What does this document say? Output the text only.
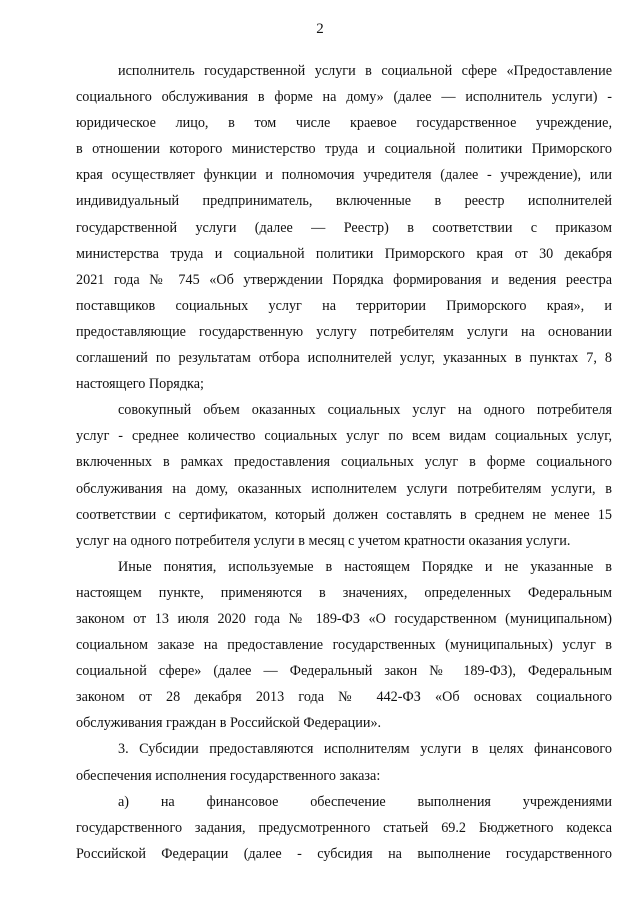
2
исполнитель государственной услуги в социальной сфере «Предоставление
социального обслуживания в форме на дому» (далее — исполнитель услуги) -
юридическое лицо, в том числе краевое государственное учреждение,
в отношении которого министерство труда и социальной политики Приморского
края осуществляет функции и полномочия учредителя (далее - учреждение), или
индивидуальный предприниматель, включенные в реестр исполнителей
государственной услуги (далее — Реестр) в соответствии с приказом
министерства труда и социальной политики Приморского края от 30 декабря
2021 года № 745 «Об утверждении Порядка формирования и ведения реестра
поставщиков социальных услуг на территории Приморского края», и
предоставляющие государственную услугу потребителям услуги на основании
соглашений по результатам отбора исполнителей услуг, указанных в пунктах 7, 8
настоящего Порядка;
совокупный объем оказанных социальных услуг на одного потребителя
услуг - среднее количество социальных услуг по всем видам социальных услуг,
включенных в рамках предоставления социальных услуг в форме социального
обслуживания на дому, оказанных исполнителем услуги потребителям услуги, в
соответствии с сертификатом, который должен составлять в среднем не менее 15
услуг на одного потребителя услуги в месяц с учетом кратности оказания услуги.
Иные понятия, используемые в настоящем Порядке и не указанные в
настоящем пункте, применяются в значениях, определенных Федеральным
законом от 13 июля 2020 года № 189-ФЗ «О государственном (муниципальном)
социальном заказе на предоставление государственных (муниципальных) услуг в
социальной сфере» (далее — Федеральный закон № 189-ФЗ), Федеральным
законом от 28 декабря 2013 года № 442-ФЗ «Об основах социального
обслуживания граждан в Российской Федерации».
3. Субсидии предоставляются исполнителям услуги в целях финансового
обеспечения исполнения государственного заказа:
а) на финансовое обеспечение выполнения учреждениями
государственного задания, предусмотренного статьей 69.2 Бюджетного кодекса
Российской Федерации (далее - субсидия на выполнение государственного
